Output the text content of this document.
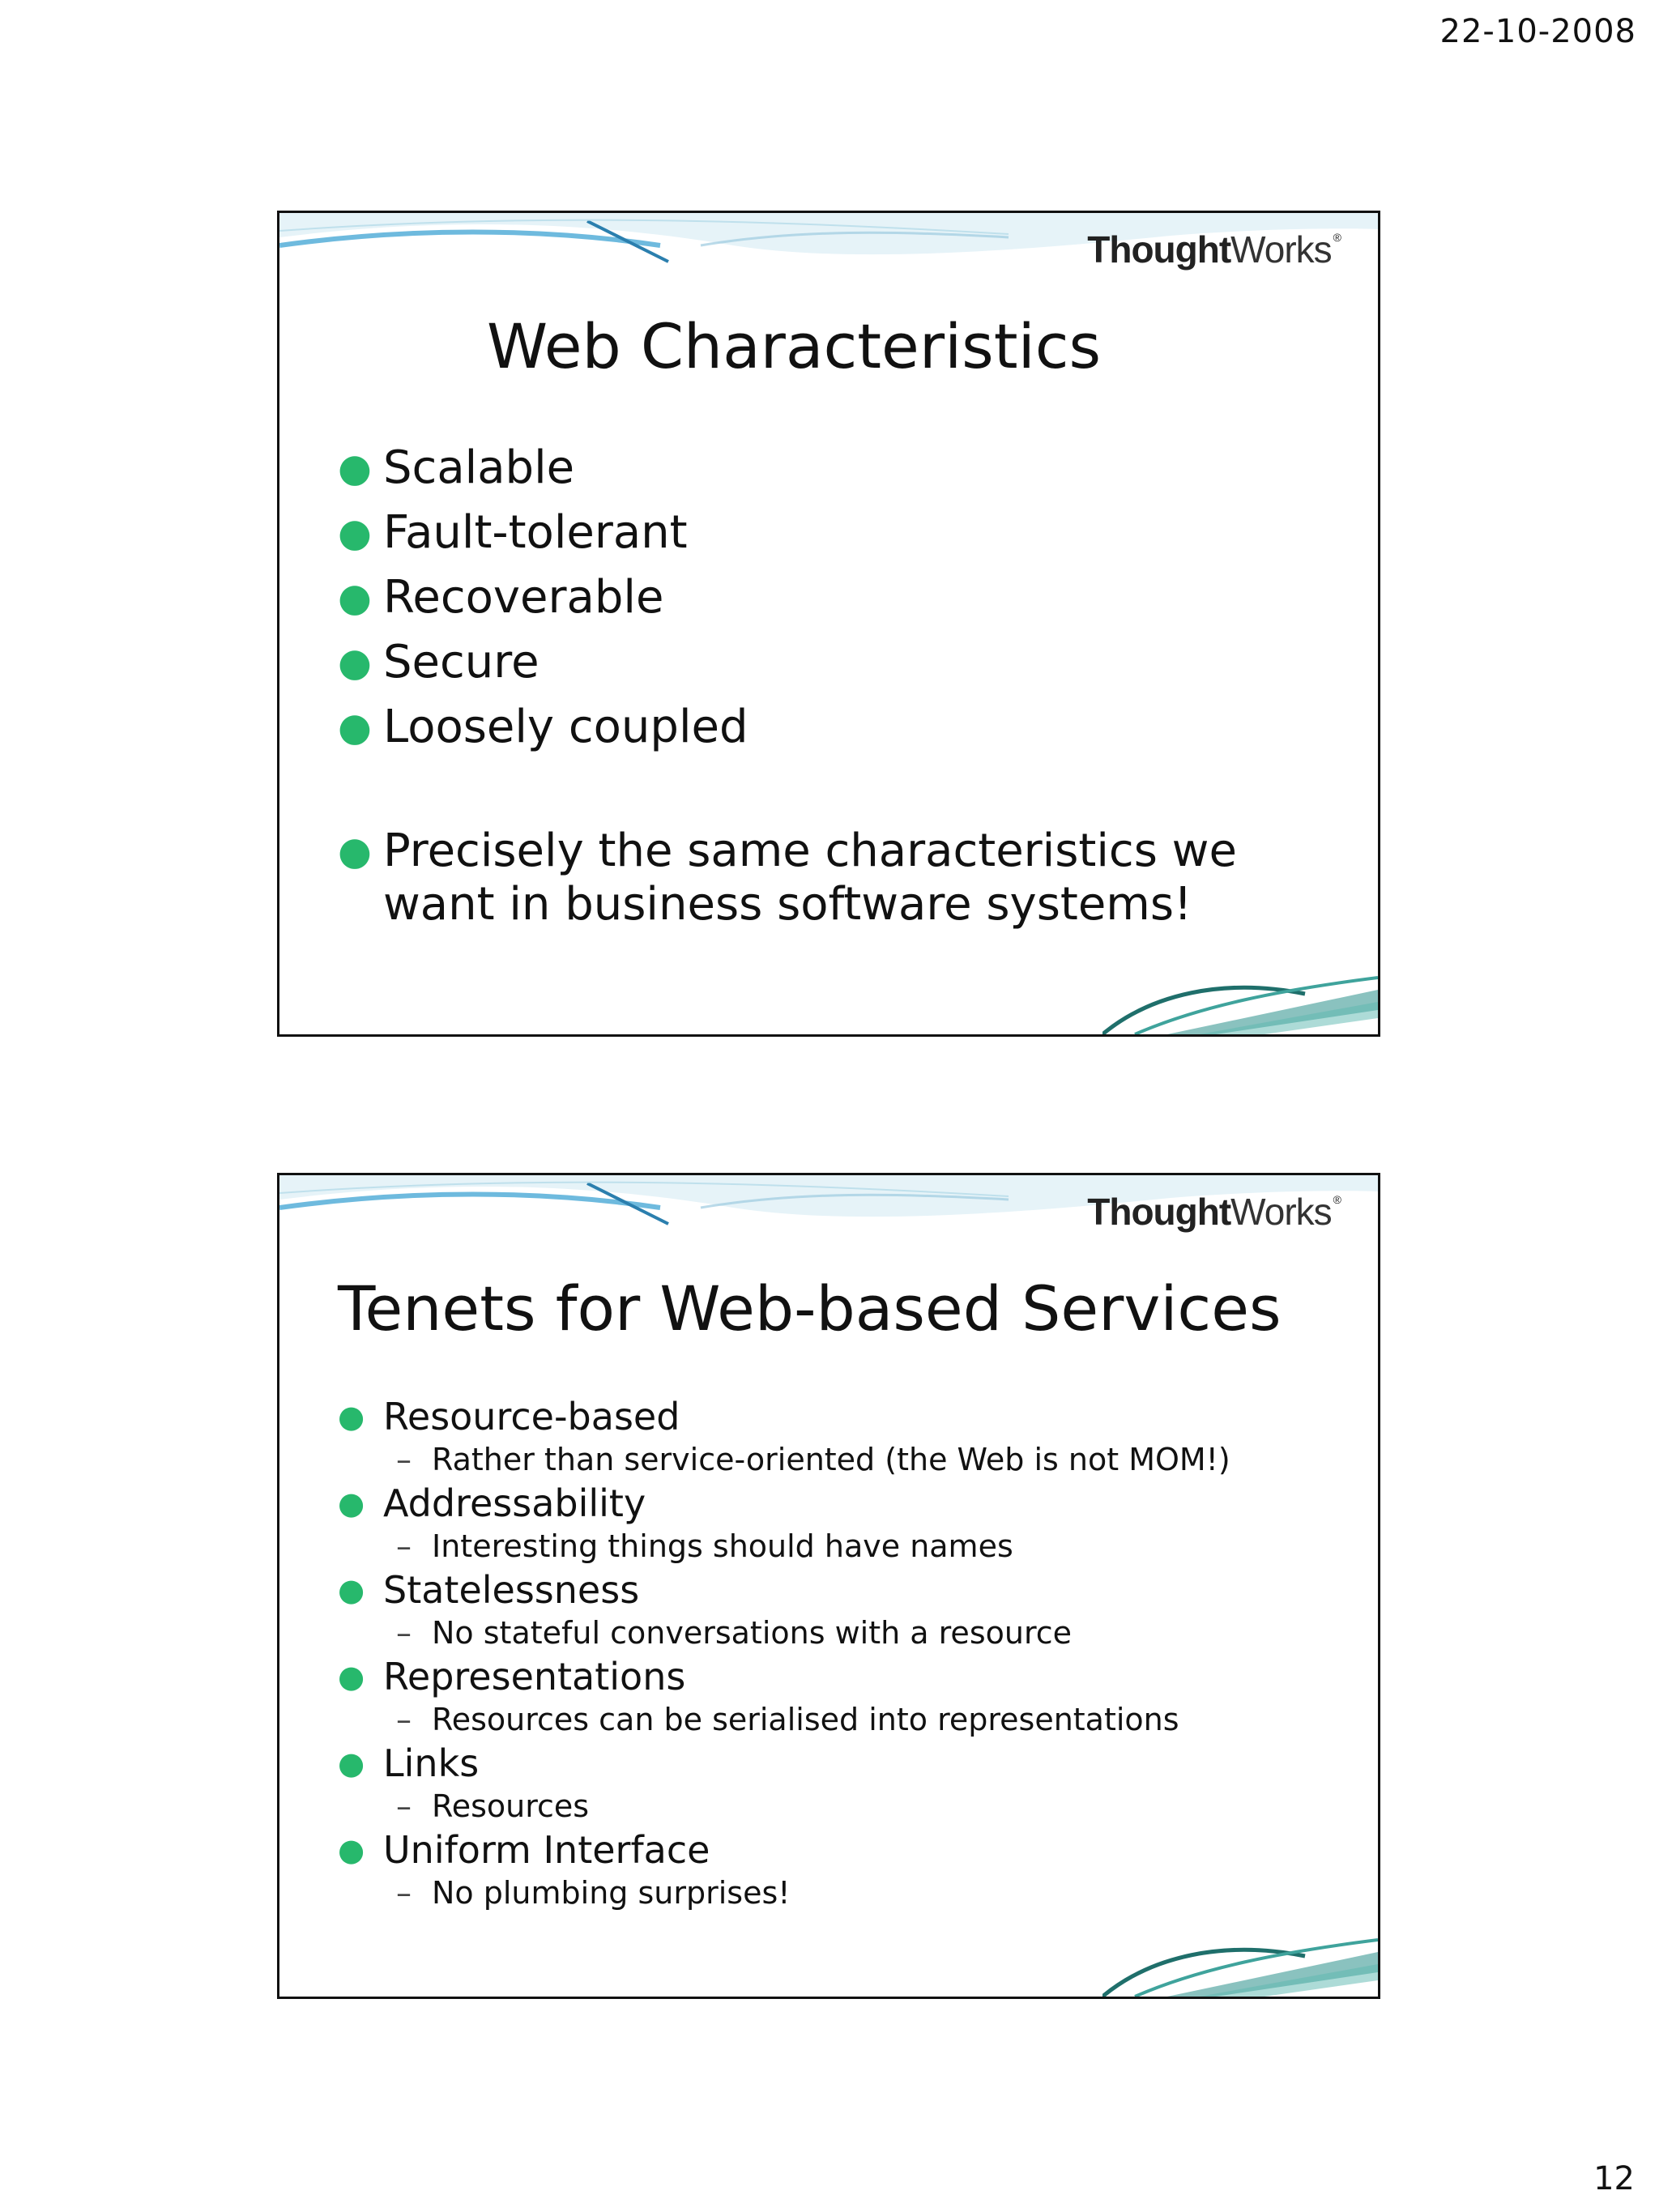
22-10-2008
ThoughtWorks ®
Web Characteristics
● Scalable
● Fault-tolerant
● Recoverable
● Secure
● Loosely coupled
● Precisely the same characteristics we want in business software systems!
ThoughtWorks ®
Tenets for Web-based Services
● Resource-based
– Rather than service-oriented (the Web is not MOM!)
● Addressability
– Interesting things should have names
● Statelessness
– No stateful conversations with a resource
● Representations
– Resources can be serialised into representations
● Links
– Resources
● Uniform Interface
– No plumbing surprises!
12
